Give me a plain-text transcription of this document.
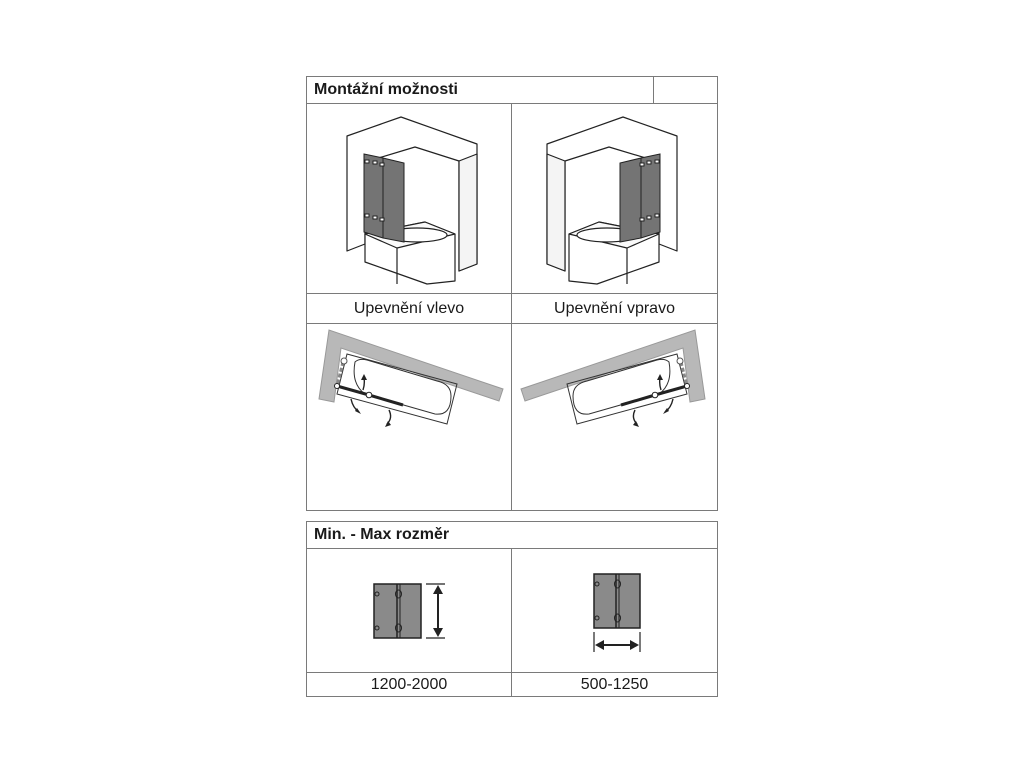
Montážní možnosti
Upevnění vlevo	Upevnění vpravo
Min. - Max rozměr
1200-2000	500-1250
